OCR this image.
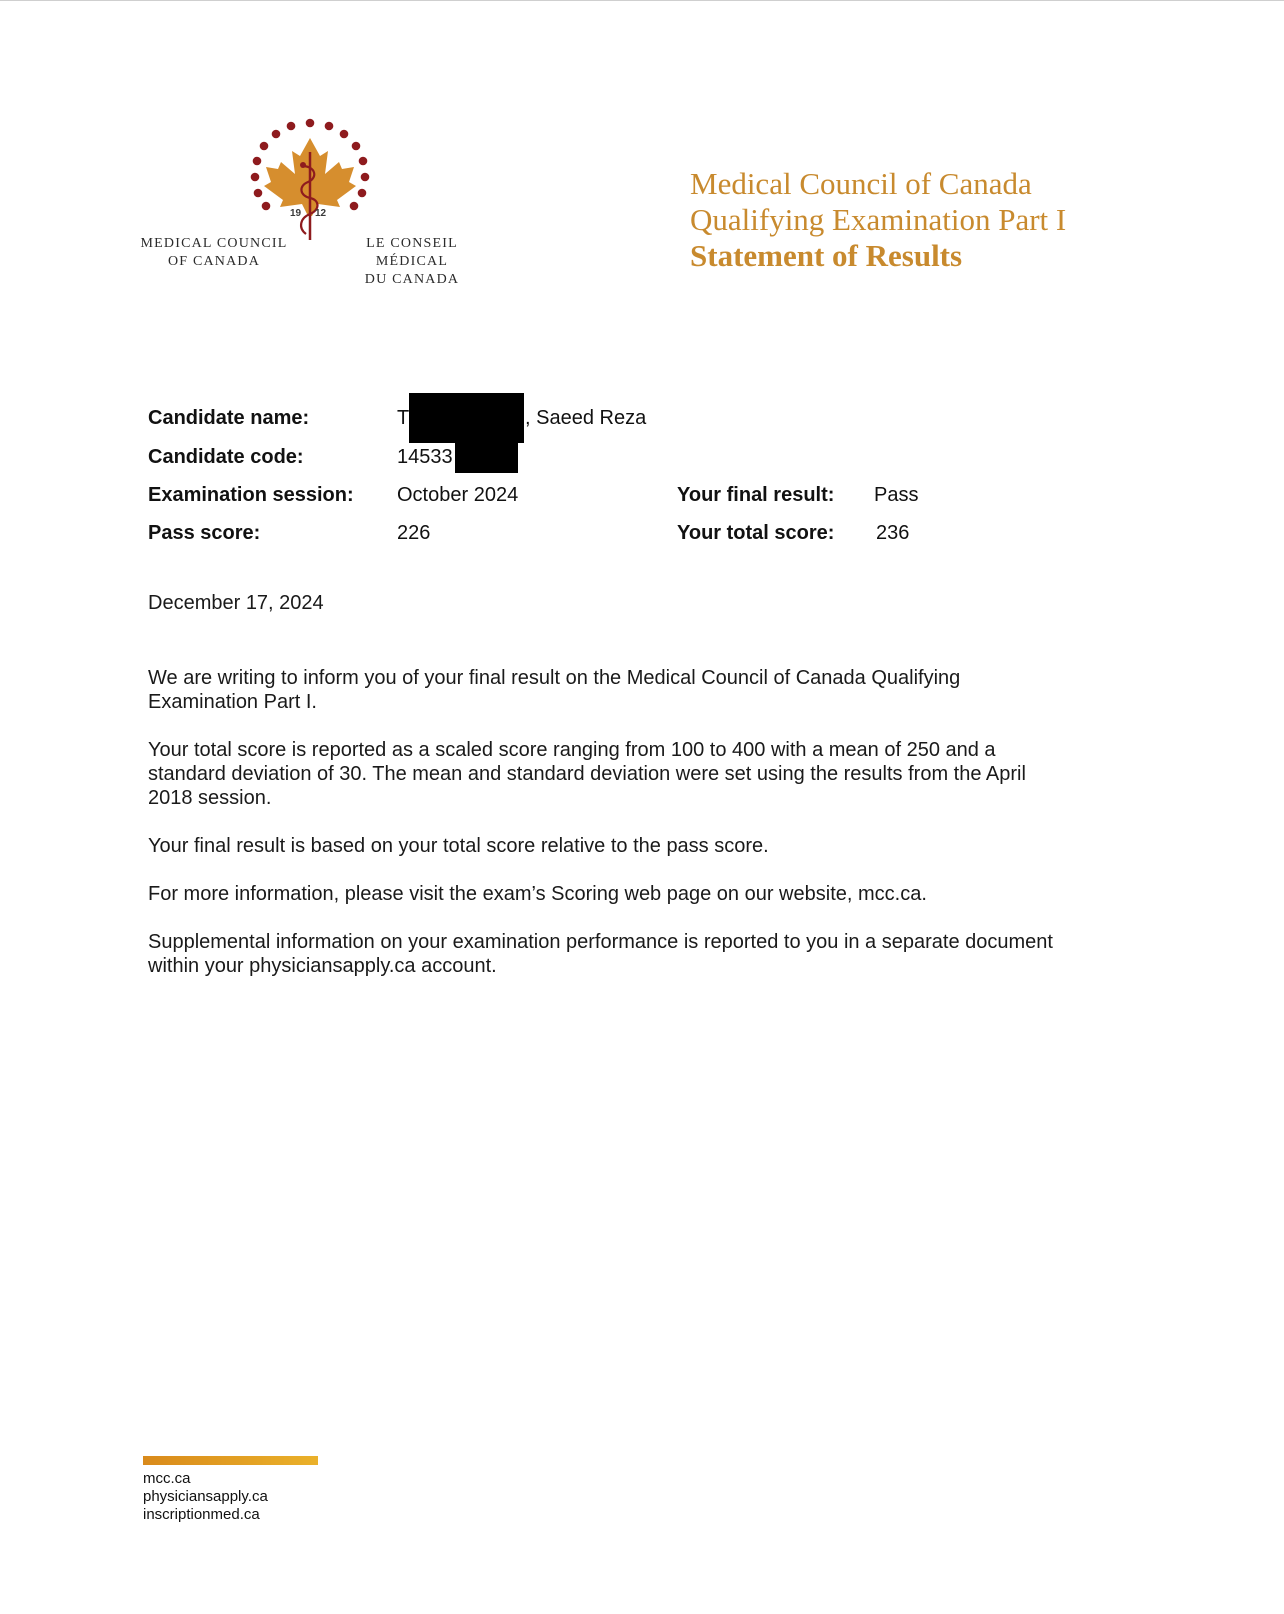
19 12
MEDICAL COUNCIL
OF CANADA
LE CONSEIL MÉDICAL
DU CANADA
Medical Council of Canada
Qualifying Examination Part I
Statement of Results
Candidate name:	T	, Saeed Reza
Candidate code:	14533
Examination session: October 2024	Your final result: Pass
Pass score:	226	Your total score: 236
December 17, 2024

We are writing to inform you of your final result on the Medical Council of Canada Qualifying Examination Part I.

Your total score is reported as a scaled score ranging from 100 to 400 with a mean of 250 and a standard deviation of 30. The mean and standard deviation were set using the results from the April 2018 session.

Your final result is based on your total score relative to the pass score.

For more information, please visit the exam’s Scoring web page on our website, mcc.ca.

Supplemental information on your examination performance is reported to you in a separate document within your physiciansapply.ca account.

mcc.ca
physiciansapply.ca
inscriptionmed.ca
